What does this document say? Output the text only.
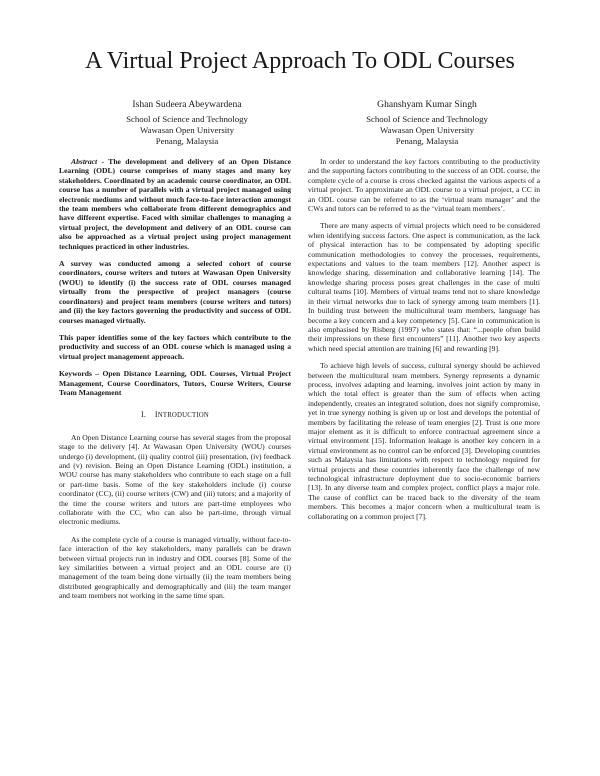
A Virtual Project Approach To ODL Courses
Ishan Sudeera Abeywardena
School of Science and Technology
Wawasan Open University
Penang, Malaysia
Ghanshyam Kumar Singh
School of Science and Technology
Wawasan Open University
Penang, Malaysia

Abstract - The development and delivery of an Open Distance Learning (ODL) course comprises of many stages and many key stakeholders. Coordinated by an academic course coordinator, an ODL course has a number of parallels with a virtual project managed using electronic mediums and without much face-to-face interaction amongst the team members who collaborate from different demographics and have different expertise. Faced with similar challenges to managing a virtual project, the development and delivery of an ODL course can also be approached as a virtual project using project management techniques practiced in other industries.

A survey was conducted among a selected cohort of course coordinators, course writers and tutors at Wawasan Open University (WOU) to identify (i) the success rate of ODL courses managed virtually from the perspective of project managers (course coordinators) and project team members (course writers and tutors) and (ii) the key factors governing the productivity and success of ODL courses managed virtually.

This paper identifies some of the key factors which contribute to the productivity and success of an ODL course which is managed using a virtual project management approach.

Keywords – Open Distance Learning, ODL Courses, Virtual Project Management, Course Coordinators, Tutors, Course Writers, Course Team Management

I. INTRODUCTION

An Open Distance Learning course has several stages from the proposal stage to the delivery [4]. At Wawasan Open University (WOU) courses undergo (i) development, (ii) quality control (iii) presentation, (iv) feedback and (v) revision. Being an Open Distance Learning (ODL) institution, a WOU course has many stakeholders who contribute to each stage on a full or part-time basis. Some of the key stakeholders include (i) course coordinator (CC), (ii) course writers (CW) and (iii) tutors; and a majority of the time the course writers and tutors are part-time employees who collaborate with the CC, who can also be part-time, through virtual electronic mediums.

As the complete cycle of a course is managed virtually, without face-to-face interaction of the key stakeholders, many parallels can be drawn between virtual projects run in industry and ODL courses [8]. Some of the key similarities between a virtual project and an ODL course are (i) management of the team being done virtually (ii) the team members being distributed geographically and demographically and (iii) the team manger and team members not working in the same time span.

In order to understand the key factors contributing to the productivity and the supporting factors contributing to the success of an ODL course, the complete cycle of a course is cross checked against the various aspects of a virtual project. To approximate an ODL course to a virtual project, a CC in an ODL course can be referred to as the ‘virtual team manager’ and the CWs and tutors can be referred to as the ‘virtual team members’.

There are many aspects of virtual projects which need to be considered when identifying success factors. One aspect is communication, as the lack of physical interaction has to be compensated by adopting specific communication methodologies to convey the processes, requirements, expectations and values to the team members [12]. Another aspect is knowledge sharing, dissemination and collaborative learning [14]. The knowledge sharing process poses great challenges in the case of multi cultural teams [10]. Members of virtual teams tend not to share knowledge in their virtual networks due to lack of synergy among team members [1]. In building trust between the multicultural team members, language has become a key concern and a key competency [5]. Care in communication is also emphasised by Risberg (1997) who states that: “...people often build their impressions on these first encounters” [11]. Another two key aspects which need special attention are training [6] and rewarding [9].

To achieve high levels of success, cultural synergy should be achieved between the multicultural team members. Synergy represents a dynamic process, involves adapting and learning, involves joint action by many in which the total effect is greater than the sum of effects when acting independently, creates an integrated solution, does not signify compromise, yet in true synergy nothing is given up or lost and develops the potential of members by facilitating the release of team energies [2]. Trust is one more major element as it is difficult to enforce contractual agreement since a virtual environment [15]. Information leakage is another key concern in a virtual environment as no control can be enforced [3]. Developing countries such as Malaysia has limitations with respect to technology required for virtual projects and these countries inherently face the challenge of new technological infrastructure deployment due to socio-economic barriers [13]. In any diverse team and complex project, conflict plays a major role. The cause of conflict can be traced back to the diversity of the team members. This becomes a major concern when a multicultural team is collaborating on a common project [7].
